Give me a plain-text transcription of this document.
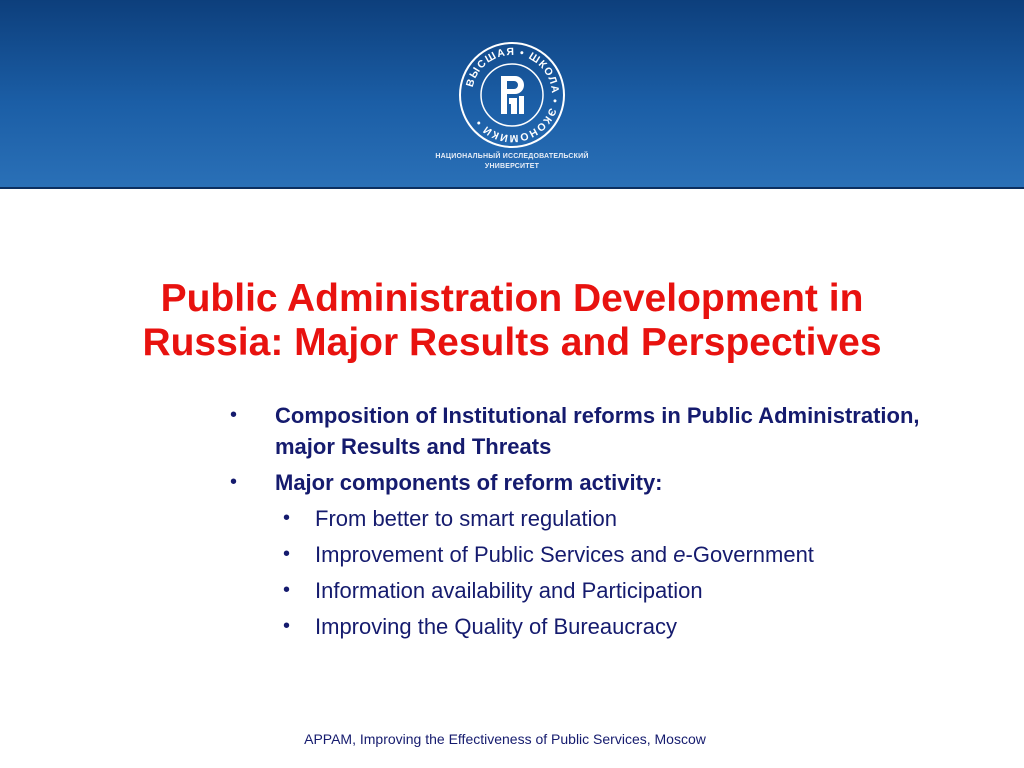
ВЫСШАЯ • ШКОЛА • ЭКОНОМИКИ •
НАЦИОНАЛЬНЫЙ ИССЛЕДОВАТЕЛЬСКИЙ
УНИВЕРСИТЕТ
Public Administration Development in
Russia: Major Results and Perspectives
• Composition of Institutional reforms in Public Administration, major Results and Threats
• Major components of reform activity:
• From better to smart regulation
• Improvement of Public Services and e-Government
• Information availability and Participation
• Improving the Quality of Bureaucracy
APPAM, Improving the Effectiveness of Public Services, Moscow
